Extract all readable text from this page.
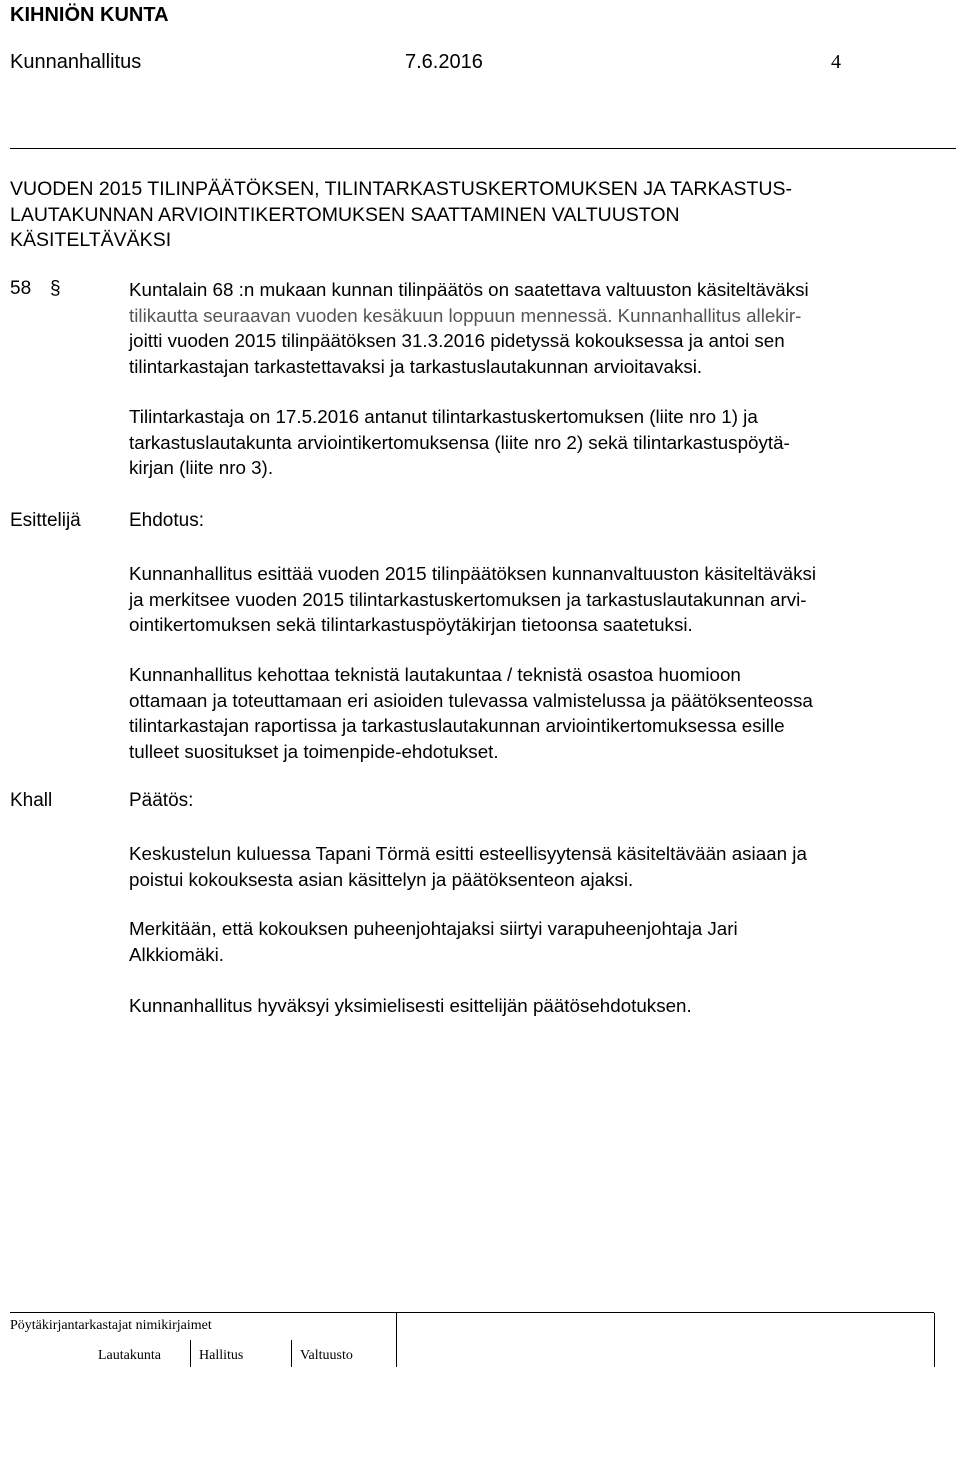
KIHNIÖN KUNTA
Kunnanhallitus	7.6.2016	4
VUODEN 2015 TILINPÄÄTÖKSEN, TILINTARKASTUSKERTOMUKSEN JA TARKASTUS-
LAUTAKUNNAN ARVIOINTIKERTOMUKSEN SAATTAMINEN VALTUUSTON
KÄSITELTÄVÄKSI
58 §	Kuntalain 68 :n mukaan kunnan tilinpäätös on saatettava valtuuston käsiteltäväksi
tilikautta seuraavan vuoden kesäkuun loppuun mennessä. Kunnanhallitus allekir-
joitti vuoden 2015 tilinpäätöksen 31.3.2016 pidetyssä kokouksessa ja antoi sen
tilintarkastajan tarkastettavaksi ja tarkastuslautakunnan arvioitavaksi.
Tilintarkastaja on 17.5.2016 antanut tilintarkastuskertomuksen (liite nro 1) ja
tarkastuslautakunta arviointikertomuksensa (liite nro 2) sekä tilintarkastuspöytä-
kirjan (liite nro 3).
Esittelijä	Ehdotus:
Kunnanhallitus esittää vuoden 2015 tilinpäätöksen kunnanvaltuuston käsiteltäväksi
ja merkitsee vuoden 2015 tilintarkastuskertomuksen ja tarkastuslautakunnan arvi-
ointikertomuksen sekä tilintarkastuspöytäkirjan tietoonsa saatetuksi.
Kunnanhallitus kehottaa teknistä lautakuntaa / teknistä osastoa huomioon
ottamaan ja toteuttamaan eri asioiden tulevassa valmistelussa ja päätöksenteossa
tilintarkastajan raportissa ja tarkastuslautakunnan arviointikertomuksessa esille
tulleet suositukset ja toimenpide-ehdotukset.
Khall	Päätös:
Keskustelun kuluessa Tapani Törmä esitti esteellisyytensä käsiteltävään asiaan ja
poistui kokouksesta asian käsittelyn ja päätöksenteon ajaksi.
Merkitään, että kokouksen puheenjohtajaksi siirtyi varapuheenjohtaja Jari
Alkkiomäki.
Kunnanhallitus hyväksyi yksimielisesti esittelijän päätösehdotuksen.
Pöytäkirjantarkastajat nimikirjaimet
Lautakunta	Hallitus	Valtuusto
